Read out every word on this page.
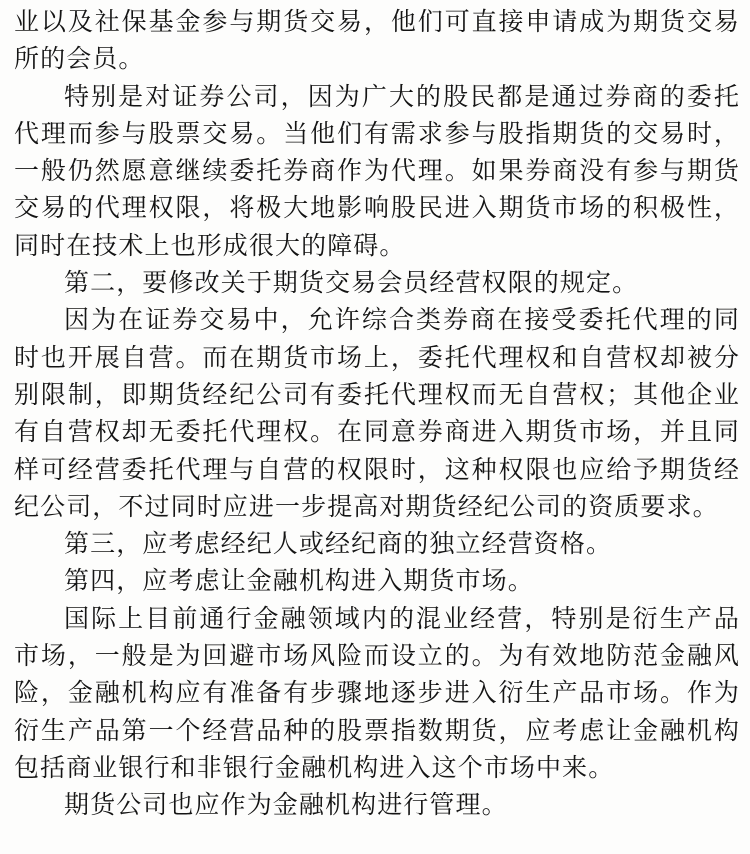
业以及社保基金参与期货交易，他们可直接申请成为期货交易所的会员。

特别是对证券公司，因为广大的股民都是通过券商的委托代理而参与股票交易。当他们有需求参与股指期货的交易时，一般仍然愿意继续委托券商作为代理。如果券商没有参与期货交易的代理权限，将极大地影响股民进入期货市场的积极性，同时在技术上也形成很大的障碍。

第二，要修改关于期货交易会员经营权限的规定。

因为在证券交易中，允许综合类券商在接受委托代理的同时也开展自营。而在期货市场上，委托代理权和自营权却被分别限制，即期货经纪公司有委托代理权而无自营权；其他企业有自营权却无委托代理权。在同意券商进入期货市场，并且同样可经营委托代理与自营的权限时，这种权限也应给予期货经纪公司，不过同时应进一步提高对期货经纪公司的资质要求。

第三，应考虑经纪人或经纪商的独立经营资格。

第四，应考虑让金融机构进入期货市场。

国际上目前通行金融领域内的混业经营，特别是衍生产品市场，一般是为回避市场风险而设立的。为有效地防范金融风险，金融机构应有准备有步骤地逐步进入衍生产品市场。作为衍生产品第一个经营品种的股票指数期货，应考虑让金融机构包括商业银行和非银行金融机构进入这个市场中来。

期货公司也应作为金融机构进行管理。
